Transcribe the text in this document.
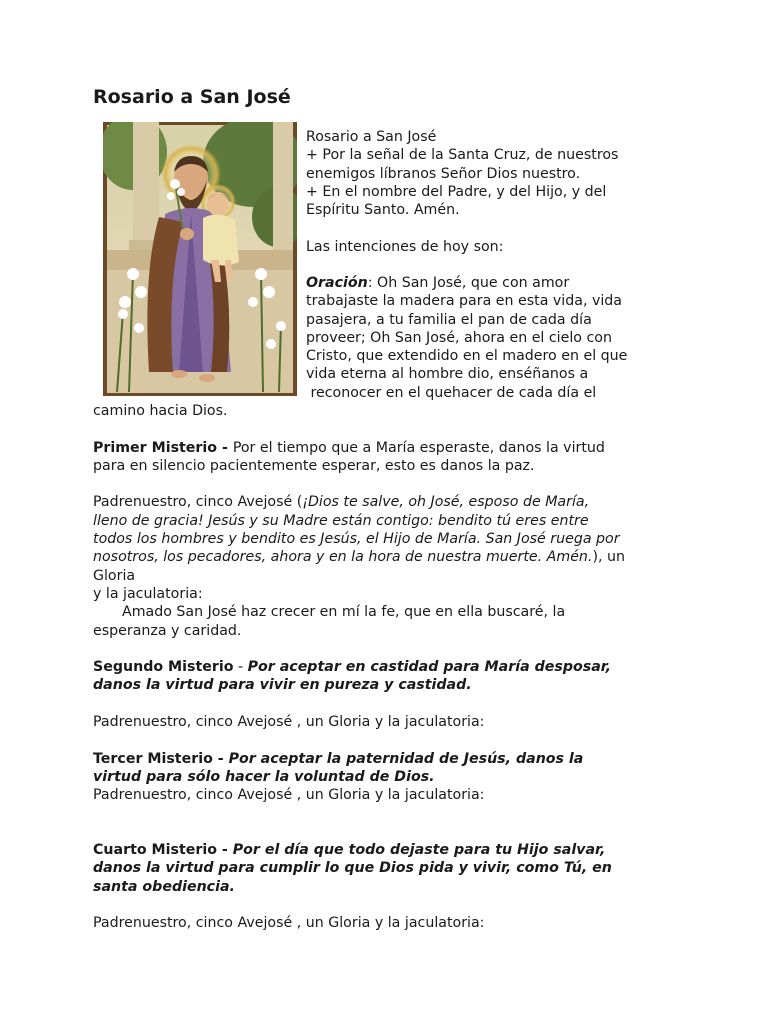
Rosario a San José
Rosario a San José
+ Por la señal de la Santa Cruz, de nuestros
enemigos líbranos Señor Dios nuestro.
+ En el nombre del Padre, y del Hijo, y del
Espíritu Santo. Amén.
Las intenciones de hoy son:
Oración: Oh San José, que con amor
trabajaste la madera para en esta vida, vida
pasajera, a tu familia el pan de cada día
proveer; Oh San José, ahora en el cielo con
Cristo, que extendido en el madero en el que
vida eterna al hombre dio, enséñanos a
reconocer en el quehacer de cada día el
camino hacia Dios.
Primer Misterio - Por el tiempo que a María esperaste, danos la virtud
para en silencio pacientemente esperar, esto es danos la paz.
Padrenuestro, cinco Avejosé (¡Dios te salve, oh José, esposo de María,
lleno de gracia! Jesús y su Madre están contigo: bendito tú eres entre
todos los hombres y bendito es Jesús, el Hijo de María. San José ruega por
nosotros, los pecadores, ahora y en la hora de nuestra muerte. Amén.), un
Gloria
y la jaculatoria:
Amado San José haz crecer en mí la fe, que en ella buscaré, la
esperanza y caridad.
Segundo Misterio - Por aceptar en castidad para María desposar,
danos la virtud para vivir en pureza y castidad.
Padrenuestro, cinco Avejosé , un Gloria y la jaculatoria:
Tercer Misterio - Por aceptar la paternidad de Jesús, danos la
virtud para sólo hacer la voluntad de Dios.
Padrenuestro, cinco Avejosé , un Gloria y la jaculatoria:
Cuarto Misterio - Por el día que todo dejaste para tu Hijo salvar,
danos la virtud para cumplir lo que Dios pida y vivir, como Tú, en
santa obediencia.
Padrenuestro, cinco Avejosé , un Gloria y la jaculatoria:
